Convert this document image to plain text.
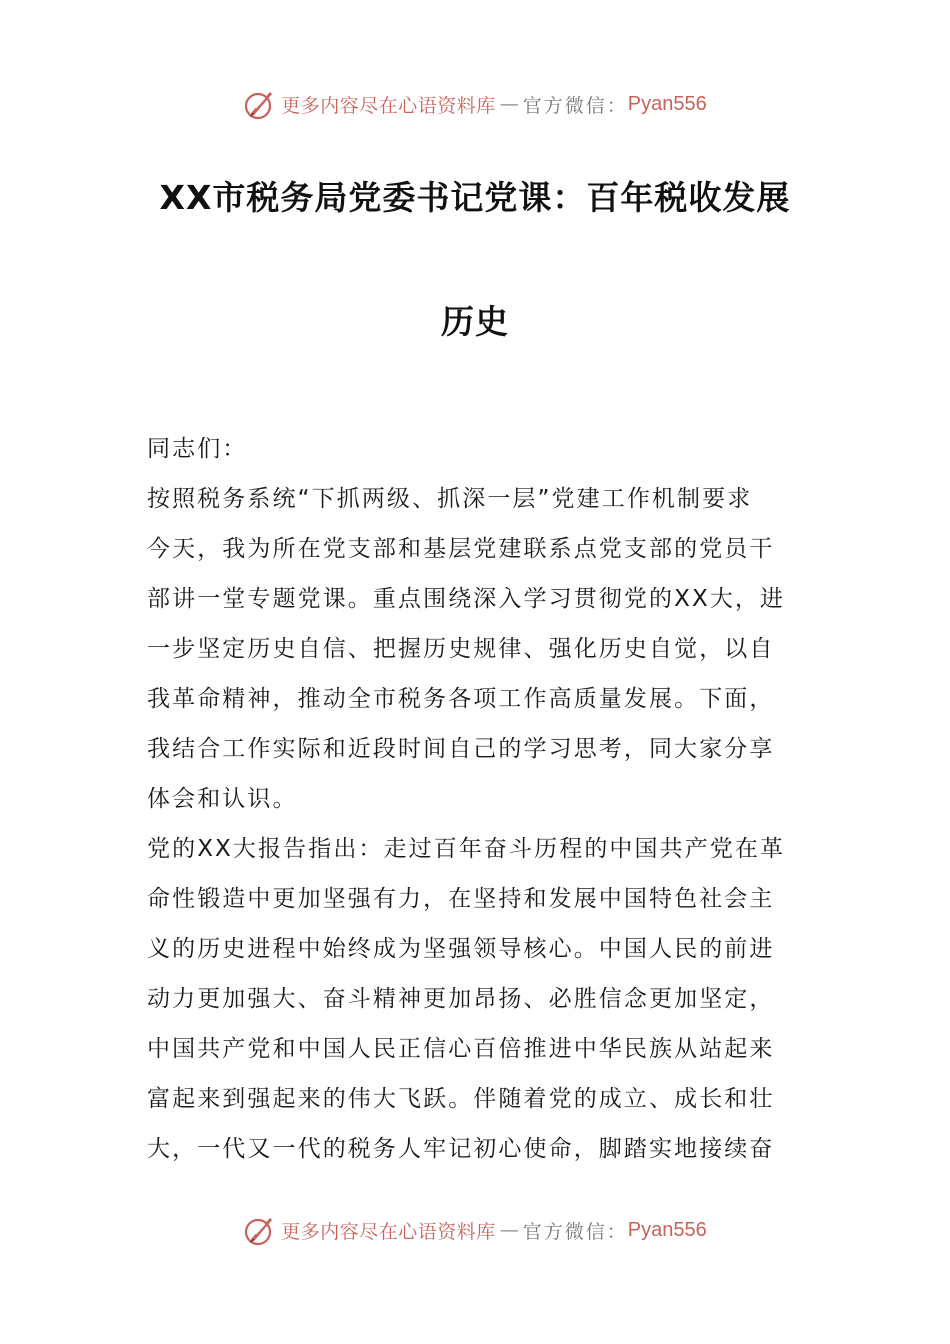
更多内容尽在心语资料库 — 官方微信： Pyan556
XX市税务局党委书记党课：百年税收发展
历史
同志们：
按照税务系统“下抓两级、抓深一层”党建工作机制要求
今天，我为所在党支部和基层党建联系点党支部的党员干
部讲一堂专题党课。重点围绕深入学习贯彻党的XX大，进
一步坚定历史自信、把握历史规律、强化历史自觉，以自
我革命精神，推动全市税务各项工作高质量发展。下面，
我结合工作实际和近段时间自己的学习思考，同大家分享
体会和认识。
党的XX大报告指出：走过百年奋斗历程的中国共产党在革
命性锻造中更加坚强有力，在坚持和发展中国特色社会主
义的历史进程中始终成为坚强领导核心。中国人民的前进
动力更加强大、奋斗精神更加昂扬、必胜信念更加坚定，
中国共产党和中国人民正信心百倍推进中华民族从站起来
富起来到强起来的伟大飞跃。伴随着党的成立、成长和壮
大，一代又一代的税务人牢记初心使命，脚踏实地接续奋
更多内容尽在心语资料库 — 官方微信： Pyan556
